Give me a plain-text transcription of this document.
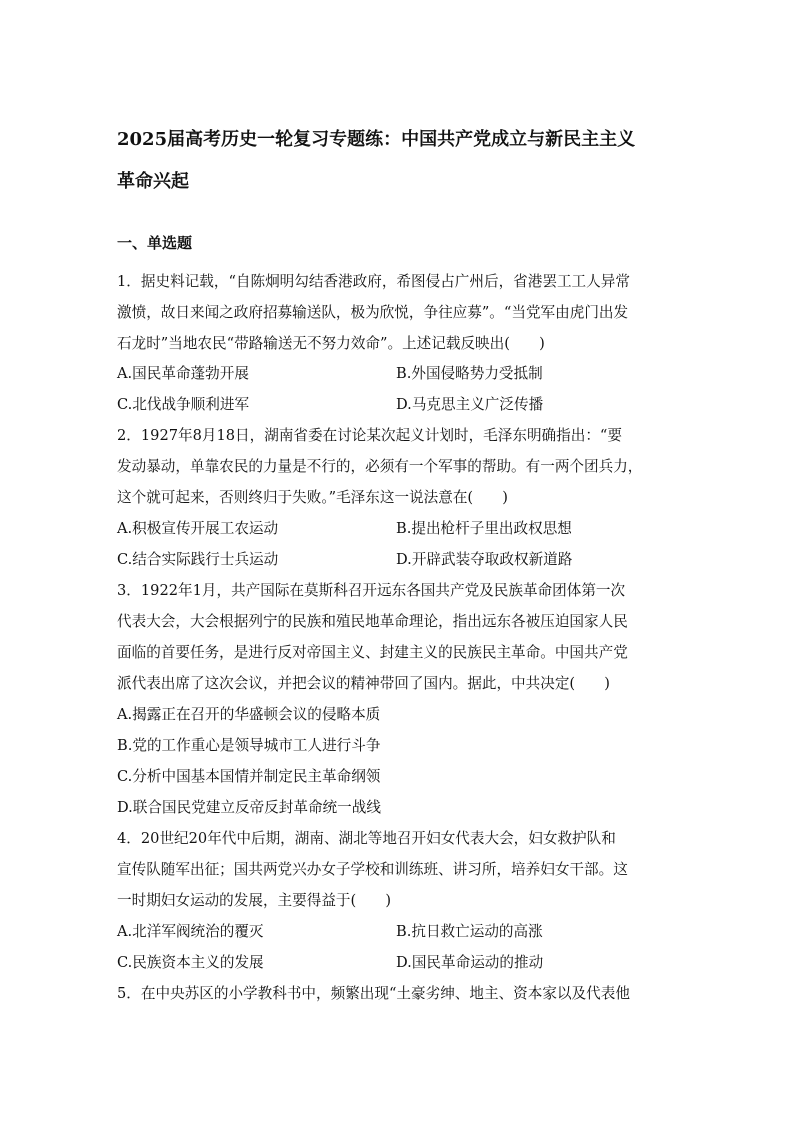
2025届高考历史一轮复习专题练：中国共产党成立与新民主主义
革命兴起
一、单选题
1．据史料记载，“自陈炯明勾结香港政府，希图侵占广州后，省港罢工工人异常
激愤，故日来闻之政府招募输送队，极为欣悦，争往应募”。“当党军由虎门出发
石龙时”当地农民“带路输送无不努力效命”。上述记载反映出(　　)
A.国民革命蓬勃开展	B.外国侵略势力受抵制
C.北伐战争顺利进军	D.马克思主义广泛传播
2．1927年8月18日，湖南省委在讨论某次起义计划时，毛泽东明确指出：“要
发动暴动，单靠农民的力量是不行的，必须有一个军事的帮助。有一两个团兵力，
这个就可起来，否则终归于失败。”毛泽东这一说法意在(　　)
A.积极宣传开展工农运动	B.提出枪杆子里出政权思想
C.结合实际践行士兵运动	D.开辟武装夺取政权新道路
3．1922年1月，共产国际在莫斯科召开远东各国共产党及民族革命团体第一次
代表大会，大会根据列宁的民族和殖民地革命理论，指出远东各被压迫国家人民
面临的首要任务，是进行反对帝国主义、封建主义的民族民主革命。中国共产党
派代表出席了这次会议，并把会议的精神带回了国内。据此，中共决定(　　)
A.揭露正在召开的华盛顿会议的侵略本质
B.党的工作重心是领导城市工人进行斗争
C.分析中国基本国情并制定民主革命纲领
D.联合国民党建立反帝反封革命统一战线
4．20世纪20年代中后期，湖南、湖北等地召开妇女代表大会，妇女救护队和
宣传队随军出征；国共两党兴办女子学校和训练班、讲习所，培养妇女干部。这
一时期妇女运动的发展，主要得益于(　　)
A.北洋军阀统治的覆灭	B.抗日救亡运动的高涨
C.民族资本主义的发展	D.国民革命运动的推动
5．在中央苏区的小学教科书中，频繁出现“土豪劣绅、地主、资本家以及代表他
